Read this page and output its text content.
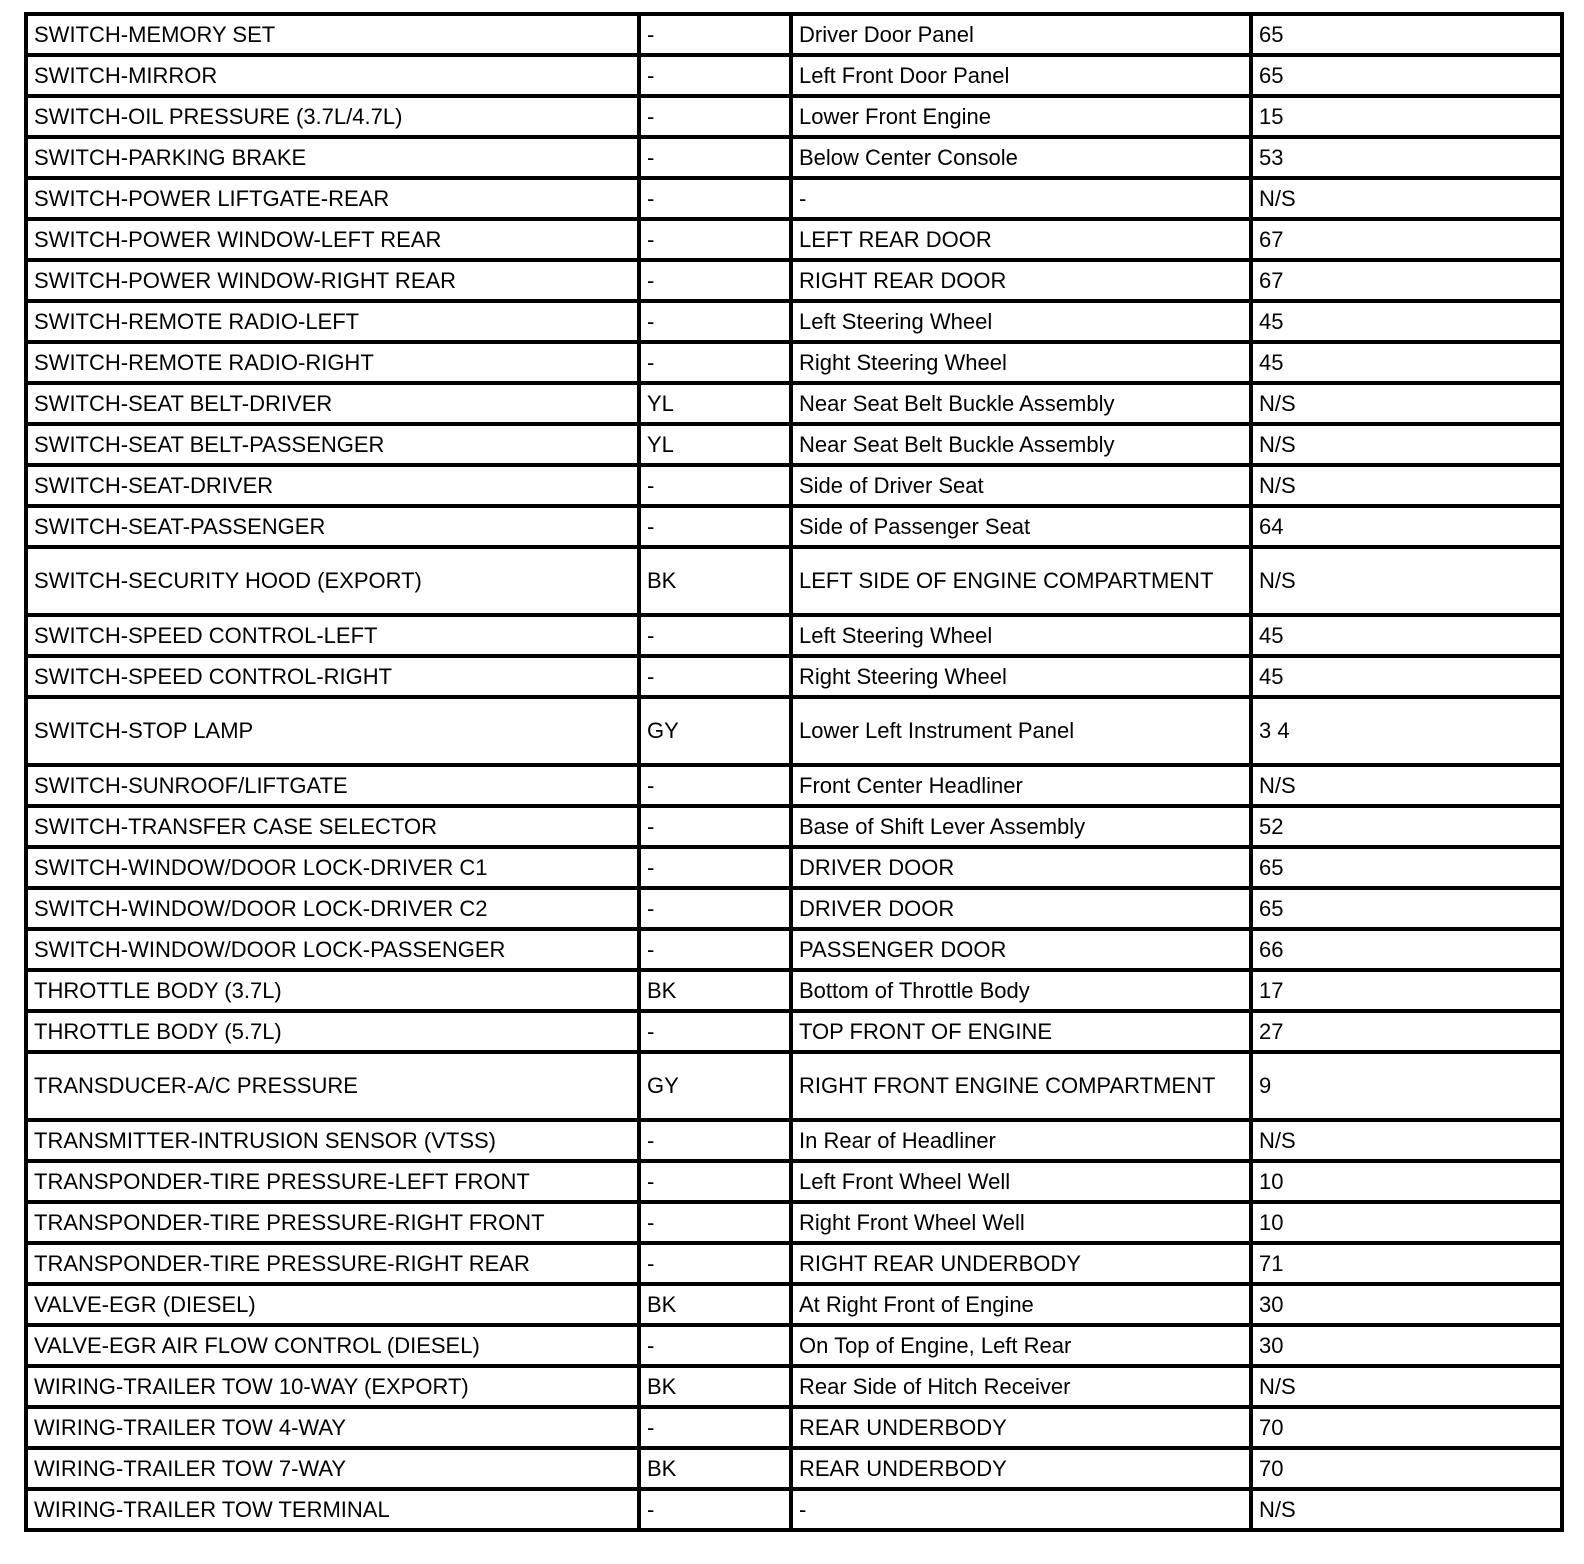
SWITCH-MEMORY SET	-	Driver Door Panel	65
SWITCH-MIRROR	-	Left Front Door Panel	65
SWITCH-OIL PRESSURE (3.7L/4.7L)	-	Lower Front Engine	15
SWITCH-PARKING BRAKE	-	Below Center Console	53
SWITCH-POWER LIFTGATE-REAR	-	-	N/S
SWITCH-POWER WINDOW-LEFT REAR	-	LEFT REAR DOOR	67
SWITCH-POWER WINDOW-RIGHT REAR	-	RIGHT REAR DOOR	67
SWITCH-REMOTE RADIO-LEFT	-	Left Steering Wheel	45
SWITCH-REMOTE RADIO-RIGHT	-	Right Steering Wheel	45
SWITCH-SEAT BELT-DRIVER	YL	Near Seat Belt Buckle Assembly	N/S
SWITCH-SEAT BELT-PASSENGER	YL	Near Seat Belt Buckle Assembly	N/S
SWITCH-SEAT-DRIVER	-	Side of Driver Seat	N/S
SWITCH-SEAT-PASSENGER	-	Side of Passenger Seat	64
SWITCH-SECURITY HOOD (EXPORT)	BK	LEFT SIDE OF ENGINE COMPARTMENT	N/S
SWITCH-SPEED CONTROL-LEFT	-	Left Steering Wheel	45
SWITCH-SPEED CONTROL-RIGHT	-	Right Steering Wheel	45
SWITCH-STOP LAMP	GY	Lower Left Instrument Panel	3 4
SWITCH-SUNROOF/LIFTGATE	-	Front Center Headliner	N/S
SWITCH-TRANSFER CASE SELECTOR	-	Base of Shift Lever Assembly	52
SWITCH-WINDOW/DOOR LOCK-DRIVER C1	-	DRIVER DOOR	65
SWITCH-WINDOW/DOOR LOCK-DRIVER C2	-	DRIVER DOOR	65
SWITCH-WINDOW/DOOR LOCK-PASSENGER	-	PASSENGER DOOR	66
THROTTLE BODY (3.7L)	BK	Bottom of Throttle Body	17
THROTTLE BODY (5.7L)	-	TOP FRONT OF ENGINE	27
TRANSDUCER-A/C PRESSURE	GY	RIGHT FRONT ENGINE COMPARTMENT	9
TRANSMITTER-INTRUSION SENSOR (VTSS)	-	In Rear of Headliner	N/S
TRANSPONDER-TIRE PRESSURE-LEFT FRONT	-	Left Front Wheel Well	10
TRANSPONDER-TIRE PRESSURE-RIGHT FRONT	-	Right Front Wheel Well	10
TRANSPONDER-TIRE PRESSURE-RIGHT REAR	-	RIGHT REAR UNDERBODY	71
VALVE-EGR (DIESEL)	BK	At Right Front of Engine	30
VALVE-EGR AIR FLOW CONTROL (DIESEL)	-	On Top of Engine, Left Rear	30
WIRING-TRAILER TOW 10-WAY (EXPORT)	BK	Rear Side of Hitch Receiver	N/S
WIRING-TRAILER TOW 4-WAY	-	REAR UNDERBODY	70
WIRING-TRAILER TOW 7-WAY	BK	REAR UNDERBODY	70
WIRING-TRAILER TOW TERMINAL	-	-	N/S
